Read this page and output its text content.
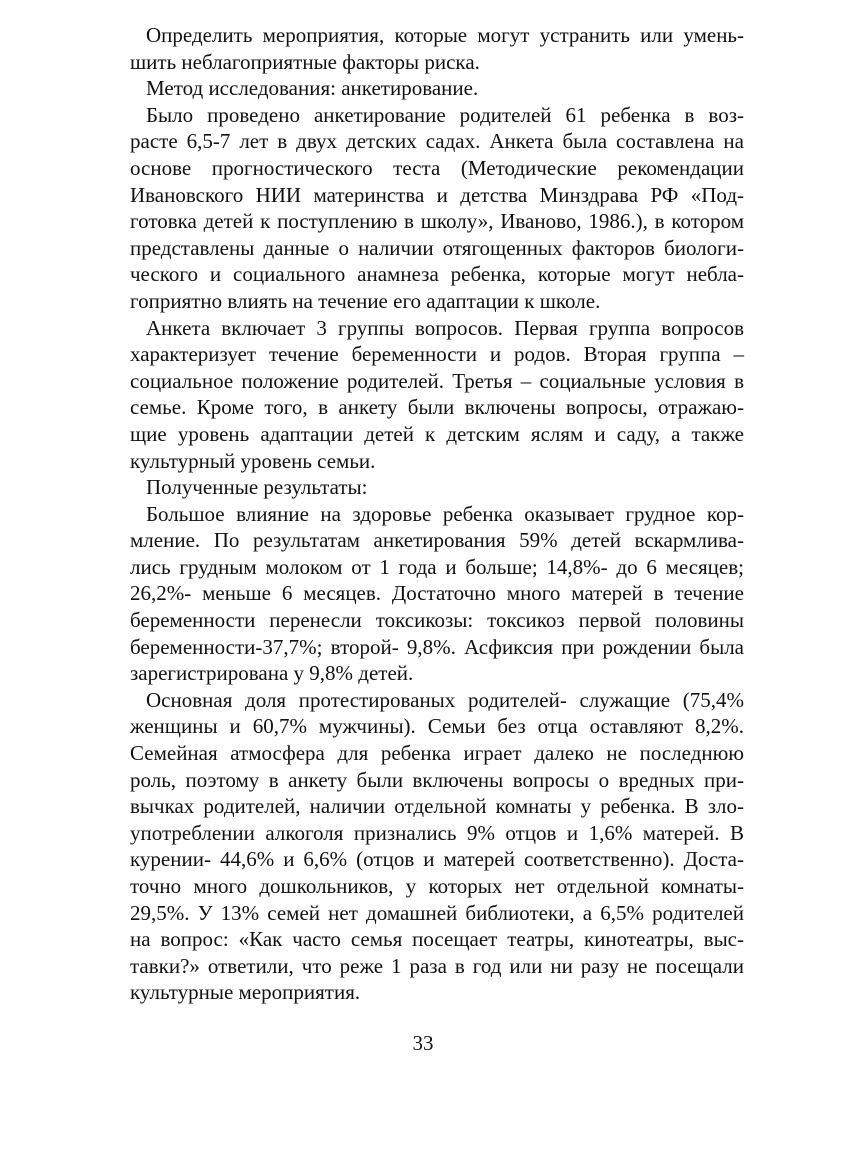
Определить мероприятия, которые могут устранить или умень-
шить неблагоприятные факторы риска.
Метод исследования: анкетирование.
Было проведено анкетирование родителей 61 ребенка в воз-
расте 6,5-7 лет в двух детских садах. Анкета была составлена на
основе прогностического теста (Методические рекомендации
Ивановского НИИ материнства и детства Минздрава РФ «Под-
готовка детей к поступлению в школу», Иваново, 1986.), в котором
представлены данные о наличии отягощенных факторов биологи-
ческого и социального анамнеза ребенка, которые могут небла-
гоприятно влиять на течение его адаптации к школе.
Анкета включает 3 группы вопросов. Первая группа вопросов
характеризует течение беременности и родов. Вторая группа –
социальное положение родителей. Третья – социальные условия в
семье. Кроме того, в анкету были включены вопросы, отражаю-
щие уровень адаптации детей к детским яслям и саду, а также
культурный уровень семьи.
Полученные результаты:
Большое влияние на здоровье ребенка оказывает грудное кор-
мление. По результатам анкетирования 59% детей вскармлива-
лись грудным молоком от 1 года и больше; 14,8%- до 6 месяцев;
26,2%- меньше 6 месяцев. Достаточно много матерей в течение
беременности перенесли токсикозы: токсикоз первой половины
беременности-37,7%; второй- 9,8%. Асфиксия при рождении была
зарегистрирована у 9,8% детей.
Основная доля протестированых родителей- служащие (75,4%
женщины и 60,7% мужчины). Семьи без отца оставляют 8,2%.
Семейная атмосфера для ребенка играет далеко не последнюю
роль, поэтому в анкету были включены вопросы о вредных при-
вычках родителей, наличии отдельной комнаты у ребенка. В зло-
употреблении алкоголя признались 9% отцов и 1,6% матерей. В
курении- 44,6% и 6,6% (отцов и матерей соответственно). Доста-
точно много дошкольников, у которых нет отдельной комнаты-
29,5%. У 13% семей нет домашней библиотеки, а 6,5% родителей
на вопрос: «Как часто семья посещает театры, кинотеатры, выс-
тавки?» ответили, что реже 1 раза в год или ни разу не посещали
культурные мероприятия.
33
